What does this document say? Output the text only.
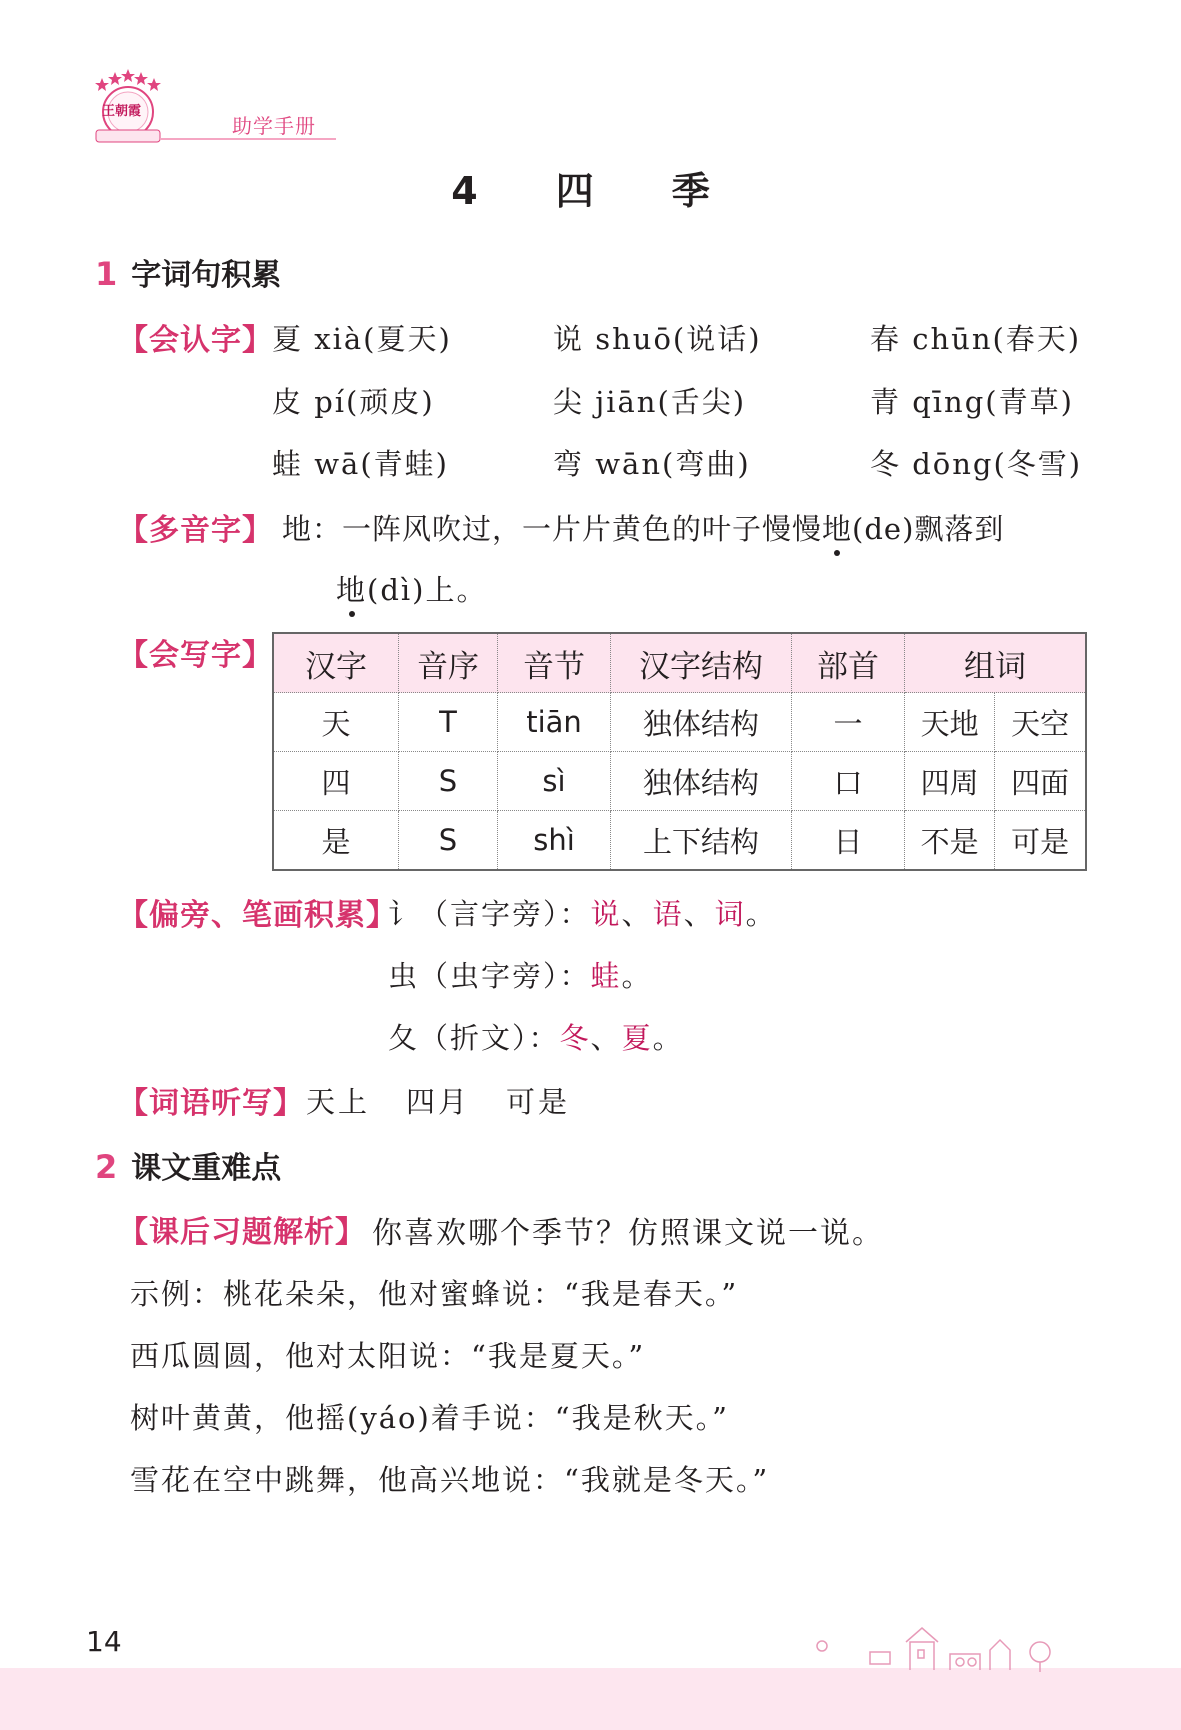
王朝霞
助学手册
4　四　季
1 字词句积累
【会认字】 夏 xià(夏天)	说 shuō(说话)	春 chūn(春天)
皮 pí(顽皮)	尖 jiān(舌尖)	青 qīng(青草)
蛙 wā(青蛙)	弯 wān(弯曲)	冬 dōng(冬雪)
【多音字】 地：一阵风吹过，一片片黄色的叶子慢慢地(de)飘落到
地(dì)上。
【会写字】 汉字	音序	音节	汉字结构	部首	组词	
天	T	tiān	独体结构	一	天地	天空
四	S	sì	独体结构	口	四周	四面
是	S	shì	上下结构	日	不是	可是
【偏旁、笔画积累】
讠（言字旁）：说、语、词。
虫（虫字旁）：蛙。
夂（折文）：冬、夏。
【词语听写】 天上 四月 可是
2 课文重难点
【课后习题解析】 你喜欢哪个季节？仿照课文说一说。
示例：桃花朵朵，他对蜜蜂说：“我是春天。”
西瓜圆圆，他对太阳说：“我是夏天。”
树叶黄黄，他摇(yáo)着手说：“我是秋天。”
雪花在空中跳舞，他高兴地说：“我就是冬天。”
14
